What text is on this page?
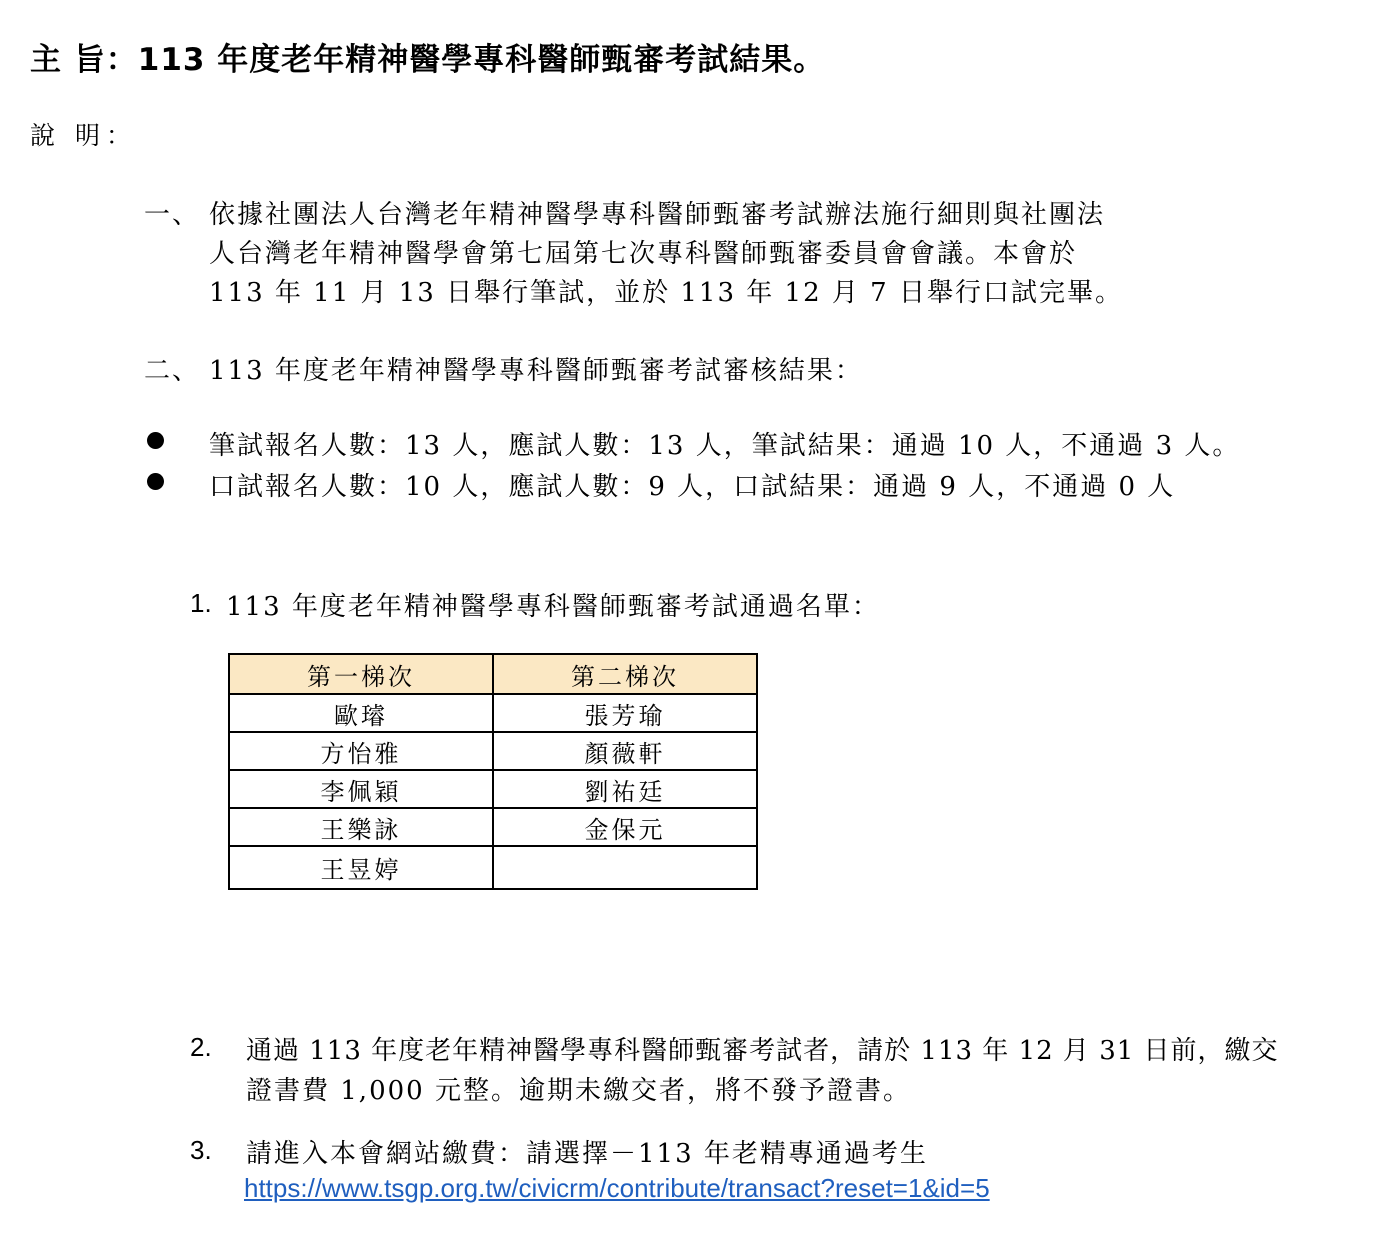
主 旨：113 年度老年精神醫學專科醫師甄審考試結果。
說 明：
一、 依據社團法人台灣老年精神醫學專科醫師甄審考試辦法施行細則與社團法
人台灣老年精神醫學會第七屆第七次專科醫師甄審委員會會議。本會於
113 年 11 月 13 日舉行筆試，並於 113 年 12 月 7 日舉行口試完畢。
二、 113 年度老年精神醫學專科醫師甄審考試審核結果：
筆試報名人數：13 人，應試人數：13 人，筆試結果：通過 10 人，不通過 3 人。
口試報名人數：10 人，應試人數：9 人，口試結果：通過 9 人，不通過 0 人
1. 113 年度老年精神醫學專科醫師甄審考試通過名單：
第一梯次	第二梯次
歐璿	張芳瑜
方怡雅	顏薇軒
李佩穎	劉祐廷
王樂詠	金保元
王昱婷	
2. 通過 113 年度老年精神醫學專科醫師甄審考試者，請於 113 年 12 月 31 日前，繳交
證書費 1,000 元整。逾期未繳交者，將不發予證書。
3. 請進入本會網站繳費：請選擇－113 年老精專通過考生
https://www.tsgp.org.tw/civicrm/contribute/transact?reset=1&id=5
